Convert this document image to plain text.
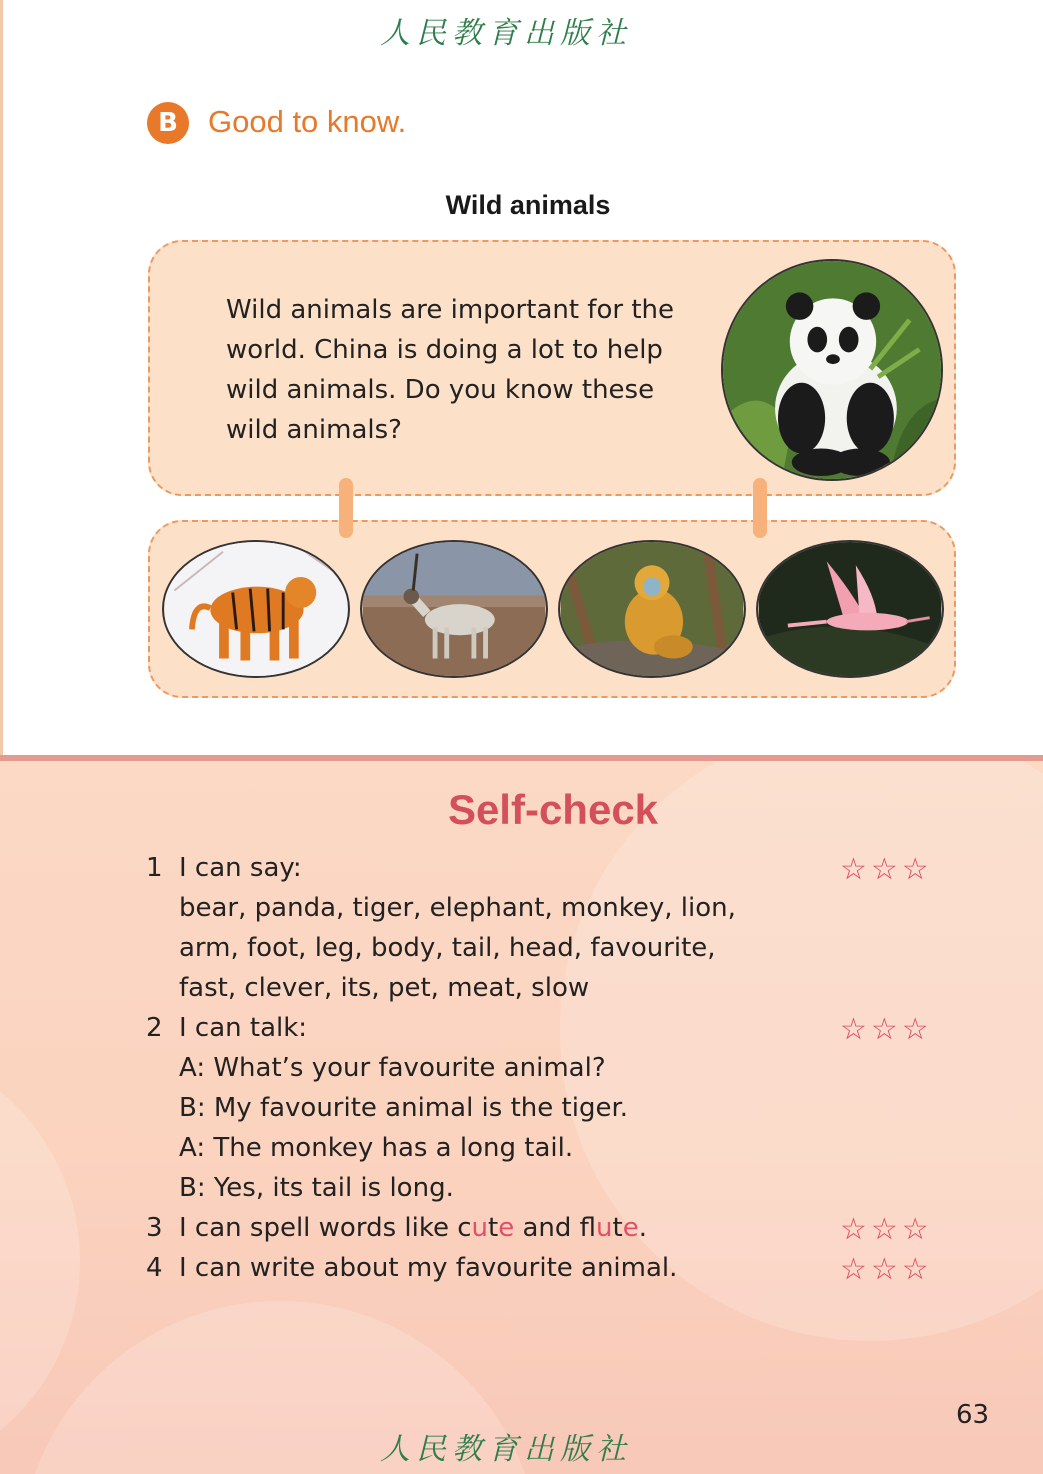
人民教育出版社
B Good to know.
Wild animals
Wild animals are important for the world. China is doing a lot to help wild animals. Do you know these wild animals?
Self-check
1 I can say:
bear, panda, tiger, elephant, monkey, lion,
arm, foot, leg, body, tail, head, favourite,
fast, clever, its, pet, meat, slow
☆☆☆
2 I can talk:
A: What’s your favourite animal?
B: My favourite animal is the tiger.
A: The monkey has a long tail.
B: Yes, its tail is long.
☆☆☆
3 I can spell words like cute and flute.	☆☆☆
4 I can write about my favourite animal.	☆☆☆
63
人民教育出版社
